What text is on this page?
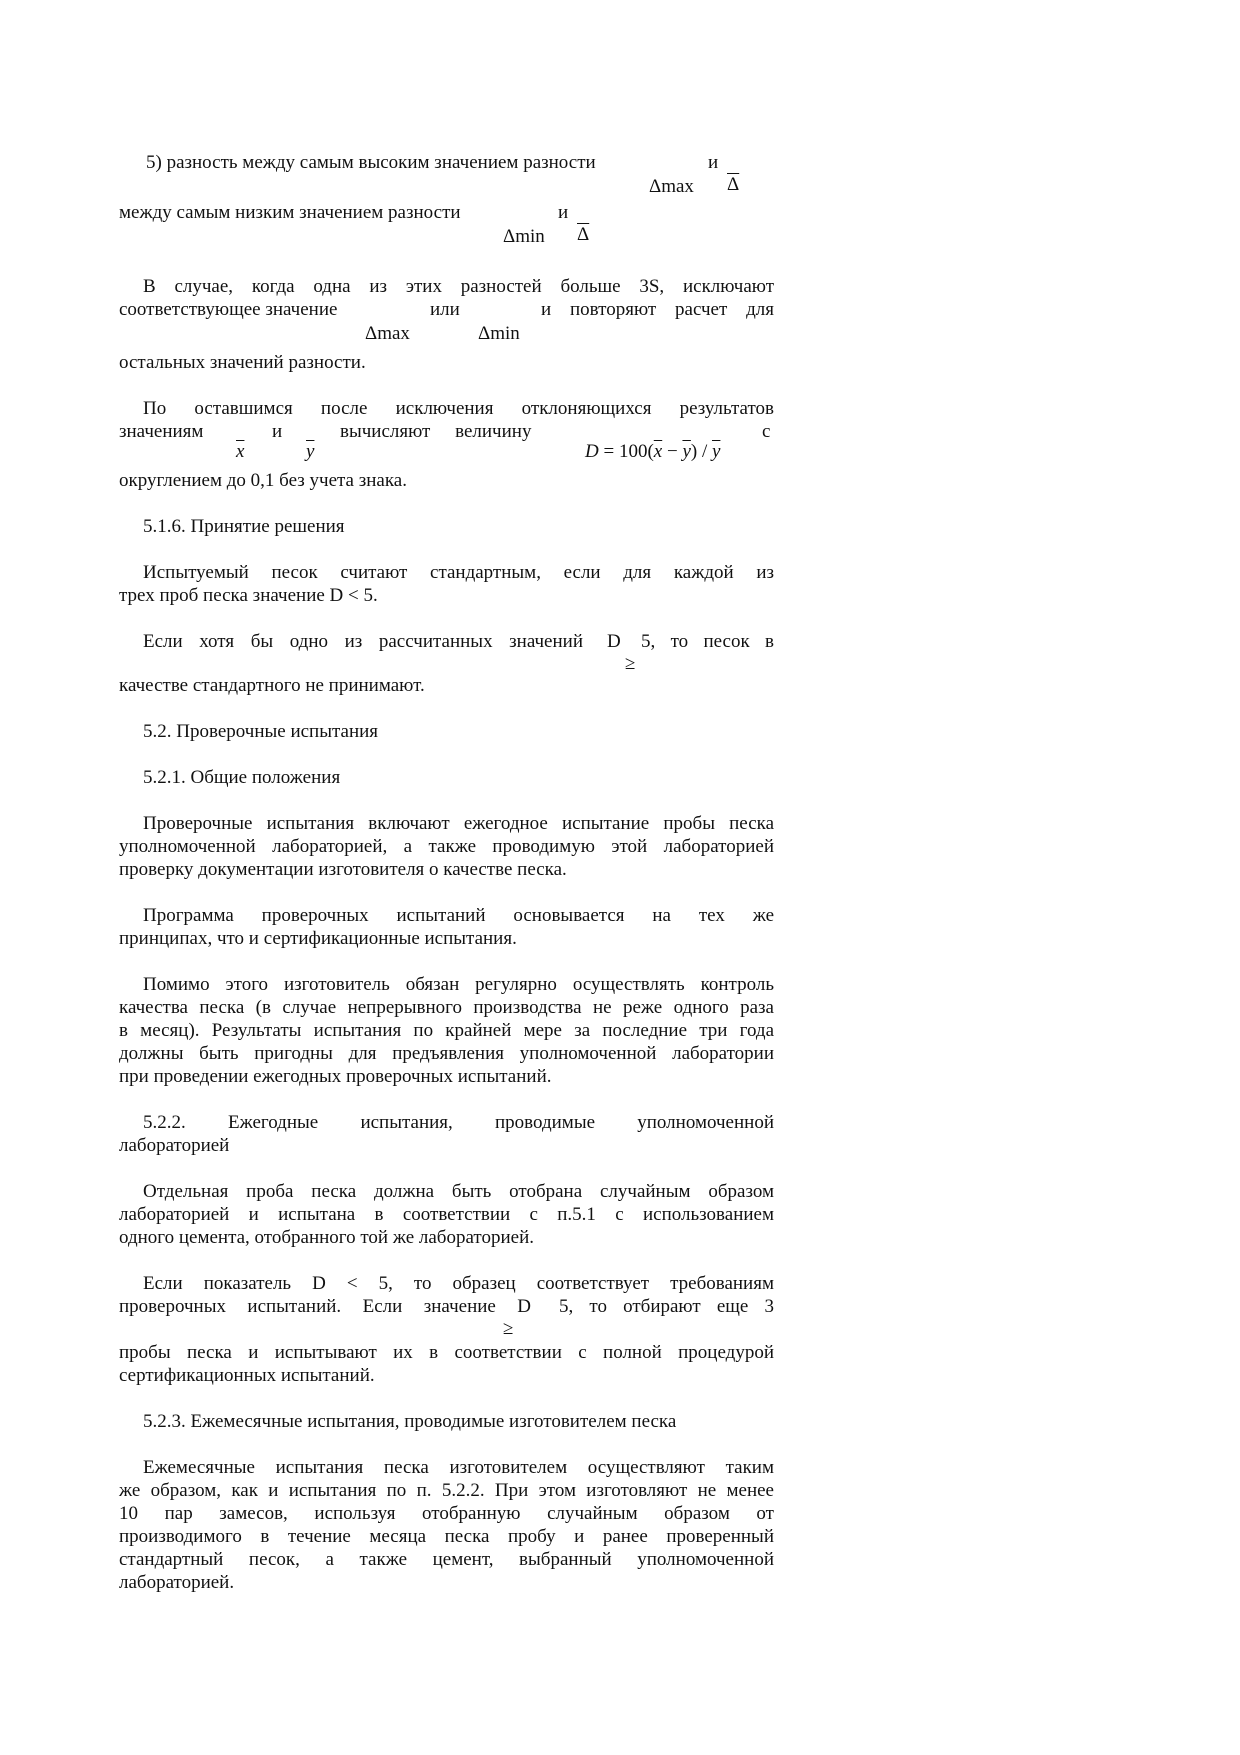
5) разность между самым высоким значением разности	и
Δmax $\overline{\Delta}$
между самым низким значением разности	и
Δmin $\overline{\Delta}$
В случае, когда одна из этих разностей больше 3S, исключают
соответствующее значение	или	и повторяют расчет для
Δmax	Δmin
остальных значений разности.
По оставшимся после исключения отклоняющихся результатов
значениям	и	вычисляют величину	с
$\overline{x}$	$\overline{y}$	$D = 100(\overline{x} - \overline{y}) / \overline{y}$
округлением до 0,1 без учета знака.
5.1.6. Принятие решения
Испытуемый песок считают стандартным, если для каждой из
трех проб песка значение D < 5.
Если хотя бы одно из рассчитанных значений D 5, то песок в
≥
качестве стандартного не принимают.
5.2. Проверочные испытания
5.2.1. Общие положения
Проверочные испытания включают ежегодное испытание пробы песка
уполномоченной лабораторией, а также проводимую этой лабораторией
проверку документации изготовителя о качестве песка.
Программа проверочных испытаний основывается на тех же
принципах, что и сертификационные испытания.
Помимо этого изготовитель обязан регулярно осуществлять контроль
качества песка (в случае непрерывного производства не реже одного раза
в месяц). Результаты испытания по крайней мере за последние три года
должны быть пригодны для предъявления уполномоченной лаборатории
при проведении ежегодных проверочных испытаний.
5.2.2. Ежегодные испытания, проводимые уполномоченной
лабораторией
Отдельная проба песка должна быть отобрана случайным образом
лабораторией и испытана в соответствии с п.5.1 с использованием
одного цемента, отобранного той же лабораторией.
Если показатель D < 5, то образец соответствует требованиям
проверочных испытаний. Если значение D 5, то отбирают еще 3
≥
пробы песка и испытывают их в соответствии с полной процедурой
сертификационных испытаний.
5.2.3. Ежемесячные испытания, проводимые изготовителем песка
Ежемесячные испытания песка изготовителем осуществляют таким
же образом, как и испытания по п. 5.2.2. При этом изготовляют не менее
10 пар замесов, используя отобранную случайным образом от
производимого в течение месяца песка пробу и ранее проверенный
стандартный песок, а также цемент, выбранный уполномоченной
лабораторией.
